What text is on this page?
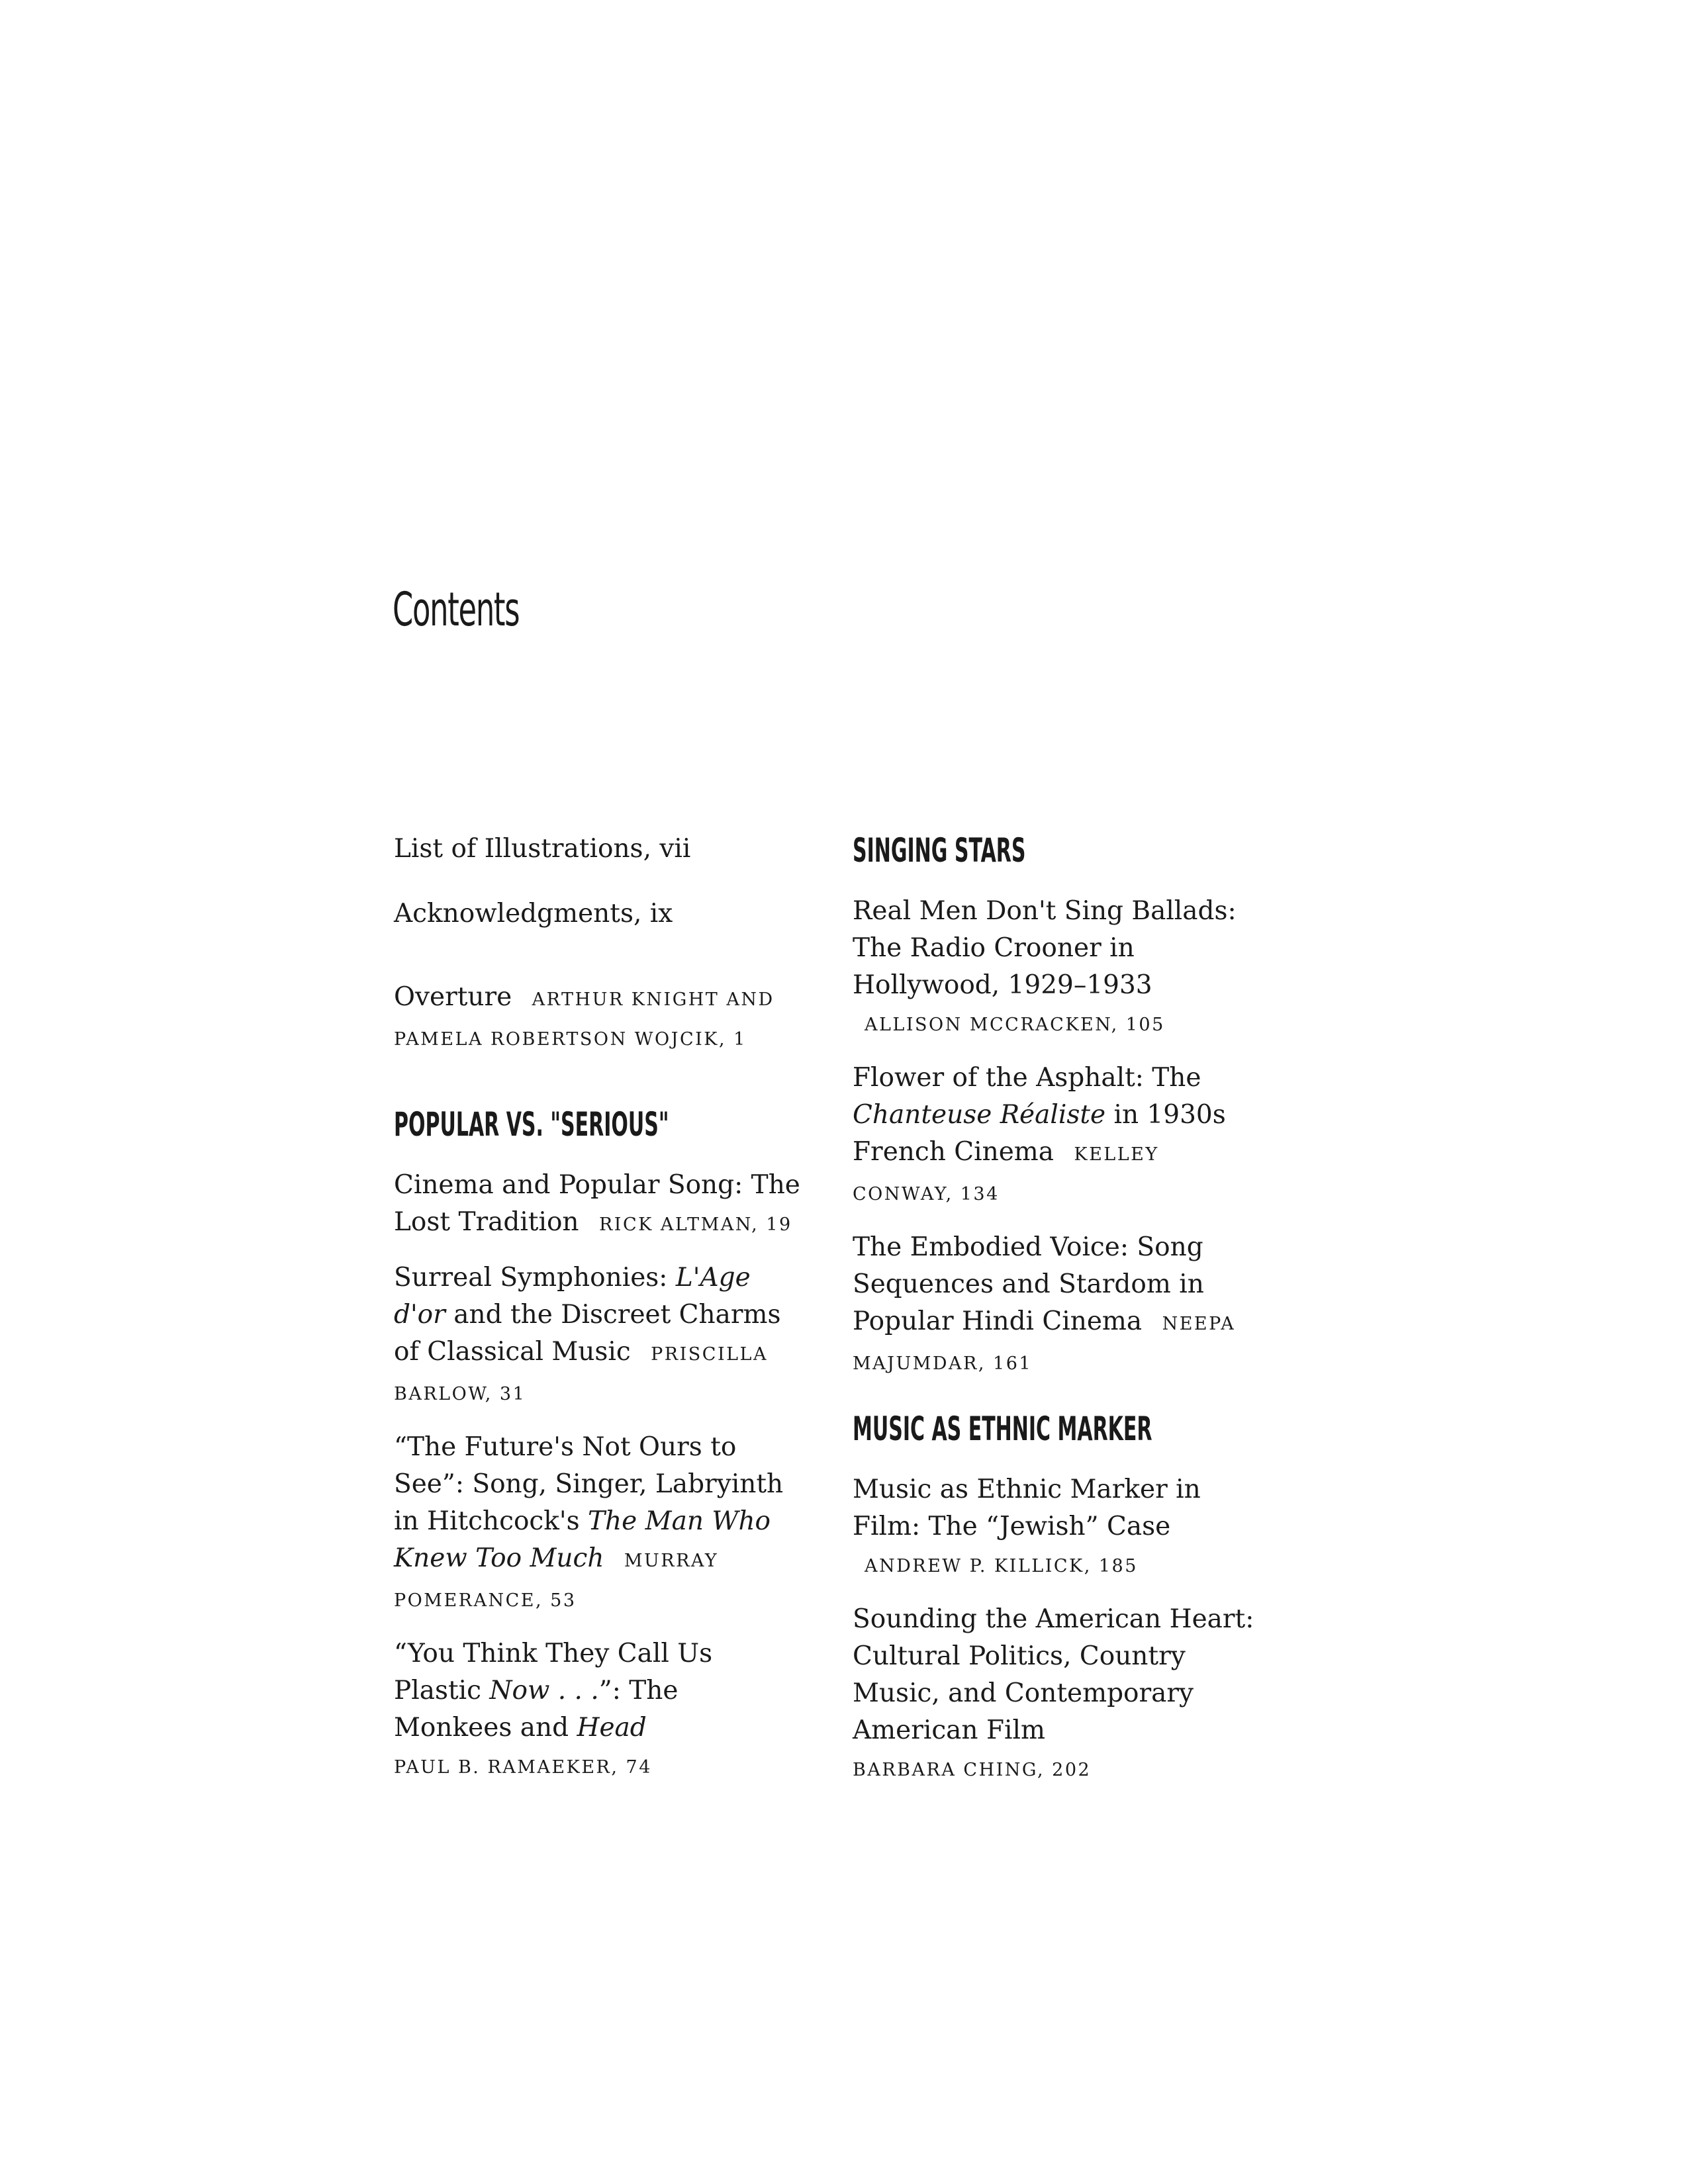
Contents

List of Illustrations, vii

Acknowledgments, ix

Overture ARTHUR KNIGHT AND PAMELA ROBERTSON WOJCIK, 1

POPULAR VS. "SERIOUS"

Cinema and Popular Song: The Lost Tradition RICK ALTMAN, 19

Surreal Symphonies: L'Age d'or and the Discreet Charms of Classical Music PRISCILLA BARLOW, 31

“The Future's Not Ours to See”: Song, Singer, Labryinth in Hitchcock's The Man Who Knew Too Much MURRAY POMERANCE, 53

“You Think They Call Us Plastic Now . . .”: The Monkees and Head
PAUL B. RAMAEKER, 74

SINGING STARS

Real Men Don't Sing Ballads: The Radio Crooner in Hollywood, 1929–1933 ALLISON MCCRACKEN, 105

Flower of the Asphalt: The Chanteuse Réaliste in 1930s French Cinema KELLEY CONWAY, 134

The Embodied Voice: Song Sequences and Stardom in Popular Hindi Cinema NEEPA MAJUMDAR, 161

MUSIC AS ETHNIC MARKER

Music as Ethnic Marker in Film: The “Jewish” Case ANDREW P. KILLICK, 185

Sounding the American Heart: Cultural Politics, Country Music, and Contemporary American Film
BARBARA CHING, 202
